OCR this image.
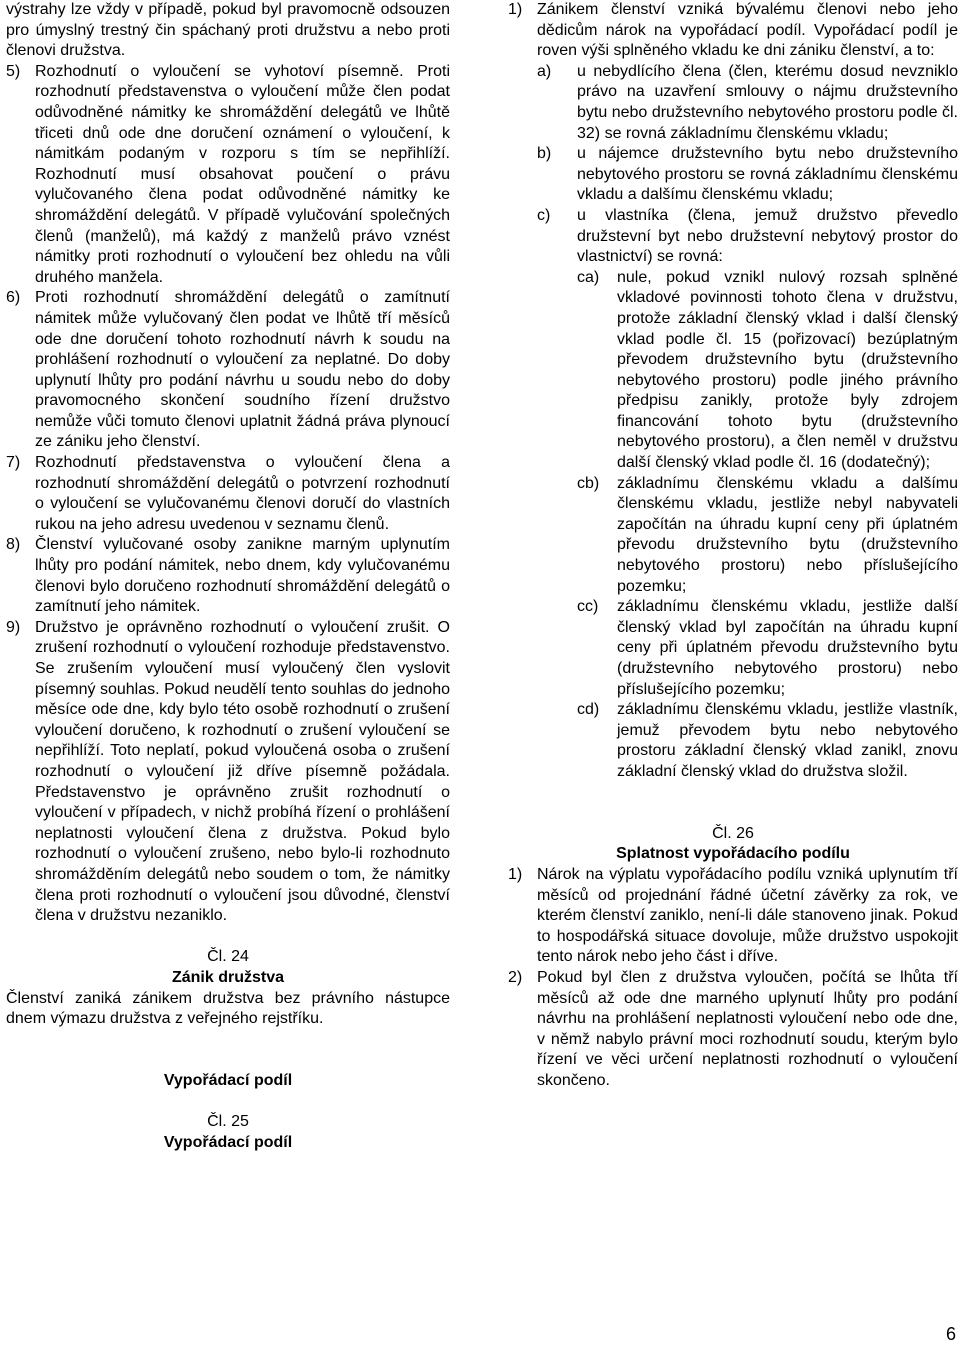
výstrahy lze vždy v případě, pokud byl pravomocně odsouzen pro úmyslný trestný čin spáchaný proti družstvu a nebo proti členovi družstva.

5) Rozhodnutí o vyloučení se vyhotoví písemně. Proti rozhodnutí představenstva o vyloučení může člen podat odůvodněné námitky ke shromáždění delegátů ve lhůtě třiceti dnů ode dne doručení oznámení o vyloučení, k námitkám podaným v rozporu s tím se nepřihlíží. Rozhodnutí musí obsahovat poučení o právu vylučovaného člena podat odůvodněné námitky ke shromáždění delegátů. V případě vylučování společných členů (manželů), má každý z manželů právo vznést námitky proti rozhodnutí o vyloučení bez ohledu na vůli druhého manžela.

6) Proti rozhodnutí shromáždění delegátů o zamítnutí námitek může vylučovaný člen podat ve lhůtě tří měsíců ode dne doručení tohoto rozhodnutí návrh k soudu na prohlášení rozhodnutí o vyloučení za neplatné. Do doby uplynutí lhůty pro podání návrhu u soudu nebo do doby pravomocného skončení soudního řízení družstvo nemůže vůči tomuto členovi uplatnit žádná práva plynoucí ze zániku jeho členství.

7) Rozhodnutí představenstva o vyloučení člena a rozhodnutí shromáždění delegátů o potvrzení rozhodnutí o vyloučení se vylučovanému členovi doručí do vlastních rukou na jeho adresu uvedenou v seznamu členů.

8) Členství vylučované osoby zanikne marným uplynutím lhůty pro podání námitek, nebo dnem, kdy vylučovanému členovi bylo doručeno rozhodnutí shromáždění delegátů o zamítnutí jeho námitek.

9) Družstvo je oprávněno rozhodnutí o vyloučení zrušit. O zrušení rozhodnutí o vyloučení rozhoduje představenstvo. Se zrušením vyloučení musí vyloučený člen vyslovit písemný souhlas. Pokud neudělí tento souhlas do jednoho měsíce ode dne, kdy bylo této osobě rozhodnutí o zrušení vyloučení doručeno, k rozhodnutí o zrušení vyloučení se nepřihlíží. Toto neplatí, pokud vyloučená osoba o zrušení rozhodnutí o vyloučení již dříve písemně požádala. Představenstvo je oprávněno zrušit rozhodnutí o vyloučení v případech, v nichž probíhá řízení o prohlášení neplatnosti vyloučení člena z družstva. Pokud bylo rozhodnutí o vyloučení zrušeno, nebo bylo-li rozhodnuto shromážděním delegátů nebo soudem o tom, že námitky člena proti rozhodnutí o vyloučení jsou důvodné, členství člena v družstvu nezaniklo.

Čl. 24

Zánik družstva

Členství zaniká zánikem družstva bez právního nástupce dnem výmazu družstva z veřejného rejstříku.

Vypořádací podíl

Čl. 25

Vypořádací podíl

1) Zánikem členství vzniká bývalému členovi nebo jeho dědicům nárok na vypořádací podíl. Vypořádací podíl je roven výši splněného vkladu ke dni zániku členství, a to:

a) u nebydlícího člena (člen, kterému dosud nevzniklo právo na uzavření smlouvy o nájmu družstevního bytu nebo družstevního nebytového prostoru podle čl. 32) se rovná základnímu členskému vkladu;

b) u nájemce družstevního bytu nebo družstevního nebytového prostoru se rovná základnímu členskému vkladu a dalšímu členskému vkladu;

c) u vlastníka (člena, jemuž družstvo převedlo družstevní byt nebo družstevní nebytový prostor do vlastnictví) se rovná:

ca) nule, pokud vznikl nulový rozsah splněné vkladové povinnosti tohoto člena v družstvu, protože základní členský vklad i další členský vklad podle čl. 15 (pořizovací) bezúplatným převodem družstevního bytu (družstevního nebytového prostoru) podle jiného právního předpisu zanikly, protože byly zdrojem financování tohoto bytu (družstevního nebytového prostoru), a člen neměl v družstvu další členský vklad podle čl. 16 (dodatečný);

cb) základnímu členskému vkladu a dalšímu členskému vkladu, jestliže nebyl nabyvateli započítán na úhradu kupní ceny při úplatném převodu družstevního bytu (družstevního nebytového prostoru) nebo příslušejícího pozemku;

cc) základnímu členskému vkladu, jestliže další členský vklad byl započítán na úhradu kupní ceny při úplatném převodu družstevního bytu (družstevního nebytového prostoru) nebo příslušejícího pozemku;

cd) základnímu členskému vkladu, jestliže vlastník, jemuž převodem bytu nebo nebytového prostoru základní členský vklad zanikl, znovu základní členský vklad do družstva složil.

Čl. 26

Splatnost vypořádacího podílu

1) Nárok na výplatu vypořádacího podílu vzniká uplynutím tří měsíců od projednání řádné účetní závěrky za rok, ve kterém členství zaniklo, není-li dále stanoveno jinak. Pokud to hospodářská situace dovoluje, může družstvo uspokojit tento nárok nebo jeho část i dříve.

2) Pokud byl člen z družstva vyloučen, počítá se lhůta tří měsíců až ode dne marného uplynutí lhůty pro podání návrhu na prohlášení neplatnosti vyloučení nebo ode dne, v němž nabylo právní moci rozhodnutí soudu, kterým bylo řízení ve věci určení neplatnosti rozhodnutí o vyloučení skončeno.

6
